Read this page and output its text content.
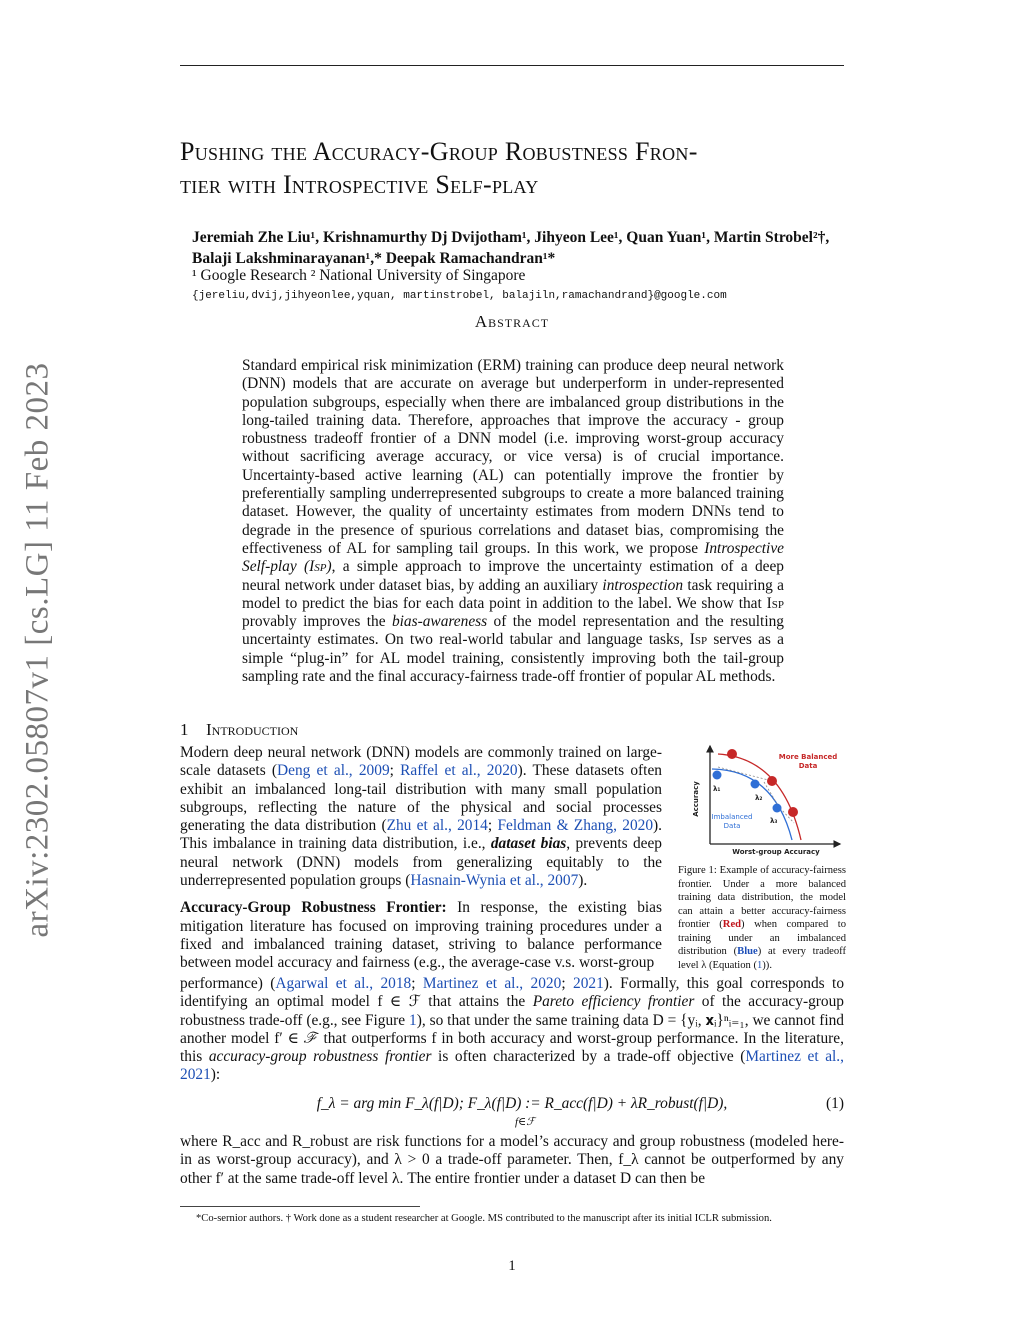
arXiv:2302.05807v1 [cs.LG] 11 Feb 2023
Pushing the Accuracy-Group Robustness Fron-
tier with Introspective Self-play
Jeremiah Zhe Liu¹, Krishnamurthy Dj Dvijotham¹, Jihyeon Lee¹, Quan Yuan¹, Martin Strobel²†,
Balaji Lakshminarayanan¹,* Deepak Ramachandran¹*
¹ Google Research ² National University of Singapore
{jereliu,dvij,jihyeonlee,yquan, martinstrobel, balajiln,ramachandrand}@google.com
Abstract
Standard empirical risk minimization (ERM) training can produce deep neural network (DNN) models that are accurate on average but underperform in under-represented population subgroups, especially when there are imbalanced group distributions in the long-tailed training data. Therefore, approaches that improve the accuracy - group robustness tradeoff frontier of a DNN model (i.e. improving worst-group accuracy without sacrificing average accuracy, or vice versa) is of crucial importance. Uncertainty-based active learning (AL) can potentially improve the frontier by preferentially sampling underrepresented subgroups to create a more balanced training dataset. However, the quality of uncertainty estimates from modern DNNs tend to degrade in the presence of spurious correlations and dataset bias, compromising the effectiveness of AL for sampling tail groups. In this work, we propose Introspective Self-play (Isp), a simple approach to improve the uncertainty estimation of a deep neural network under dataset bias, by adding an auxiliary introspection task requiring a model to predict the bias for each data point in addition to the label. We show that Isp provably improves the bias-awareness of the model representation and the resulting uncertainty estimates. On two real-world tabular and language tasks, Isp serves as a simple “plug-in” for AL model training, consistently improving both the tail-group sampling rate and the final accuracy-fairness trade-off frontier of popular AL methods.
1 Introduction

Modern deep neural network (DNN) models are commonly trained on large-scale datasets (Deng et al., 2009; Raffel et al., 2020). These datasets often exhibit an imbalanced long-tail distribution with many small population subgroups, reflecting the nature of the physical and social processes generating the data distribution (Zhu et al., 2014; Feldman & Zhang, 2020). This imbalance in training data distribution, i.e., dataset bias, prevents deep neural network (DNN) models from generalizing equitably to the underrepresented population groups (Hasnain-Wynia et al., 2007).

Accuracy-Group Robustness Frontier: In response, the existing bias mitigation literature has focused on improving training procedures under a fixed and imbalanced training dataset, striving to balance performance between model accuracy and fairness (e.g., the average-case v.s. worst-group

λ₁
λ₂
λ₃
More Balanced Data
Imbalanced Data
Worst-group Accuracy
Accuracy
Figure 1: Example of accuracy-fairness frontier. Under a more balanced training data distribution, the model can attain a better accuracy-fairness frontier (Red) when compared to training under an imbalanced distribution (Blue) at every tradeoff level λ (Equation (1)).
performance) (Agarwal et al., 2018; Martinez et al., 2020; 2021). Formally, this goal corresponds to identifying an optimal model f ∈ ℱ that attains the Pareto efficiency frontier of the accuracy-group robustness trade-off (e.g., see Figure 1), so that under the same training data D = {yᵢ, 𝐱ᵢ}ⁿᵢ₌₁, we cannot find another model f′ ∈ ℱ that outperforms f in both accuracy and worst-group performance. In the literature, this accuracy-group robustness frontier is often characterized by a trade-off objective (Martinez et al., 2021):
f_λ = arg min F_λ(f|D); F_λ(f|D) := R_acc(f|D) + λR_robust(f|D),
f∈ℱ
(1)
where R_acc and R_robust are risk functions for a model’s accuracy and group robustness (modeled here-in as worst-group accuracy), and λ > 0 a trade-off parameter. Then, f_λ cannot be outperformed by any other f′ at the same trade-off level λ. The entire frontier under a dataset D can then be
*Co-sernior authors. † Work done as a student researcher at Google. MS contributed to the manuscript after its initial ICLR submission.
1
